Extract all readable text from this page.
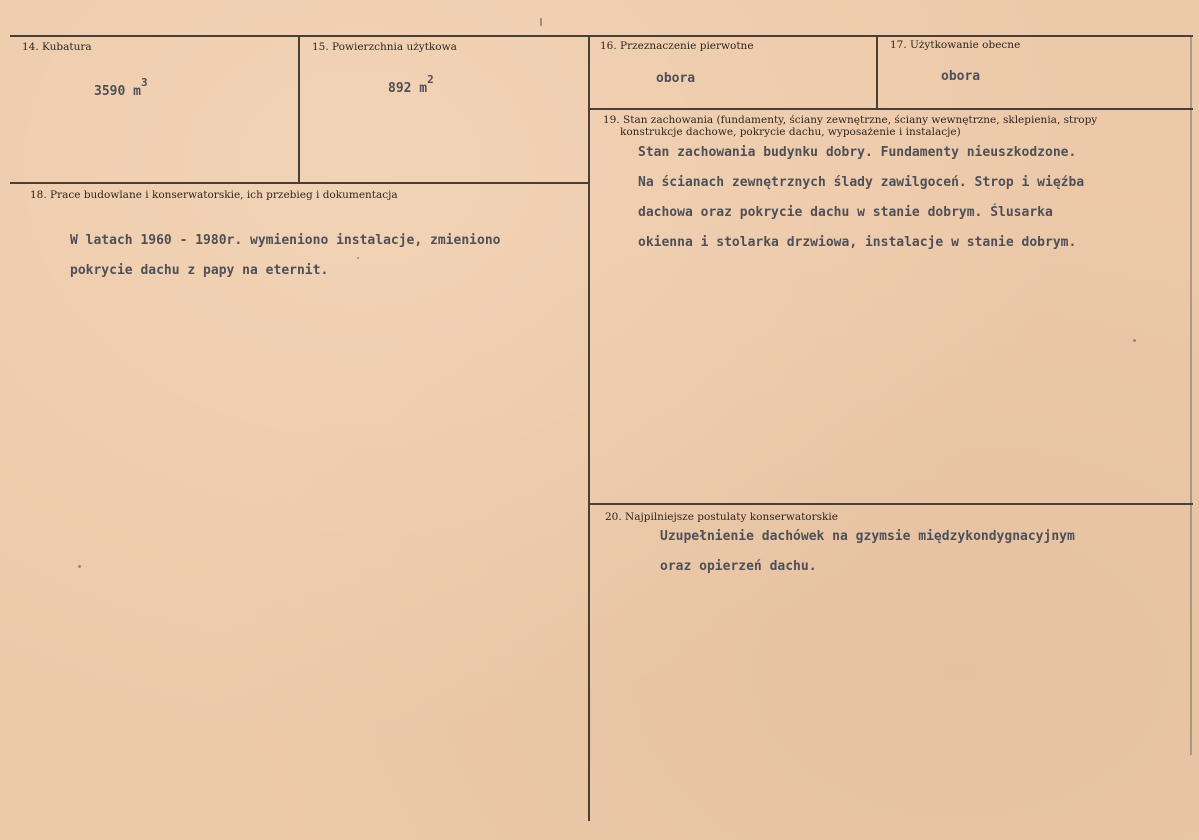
14. Kubatura
3590 $m^3$
15. Powierzchnia użytkowa
892 $m^2$
16. Przeznaczenie pierwotne
obora
17. Użytkowanie obecne
obora
18. Prace budowlane i konserwatorskie, ich przebieg i dokumentacja
W latach 1960 - 1980r. wymieniono instalacje, zmieniono
pokrycie dachu z papy na eternit.
19. Stan zachowania (fundamenty, ściany zewnętrzne, ściany wewnętrzne, sklepienia, stropy
konstrukcje dachowe, pokrycie dachu, wyposażenie i instalacje)
Stan zachowania budynku dobry. Fundamenty nieuszkodzone.
Na ścianach zewnętrznych ślady zawilgoceń. Strop i więźba
dachowa oraz pokrycie dachu w stanie dobrym. Ślusarka
okienna i stolarka drzwiowa, instalacje w stanie dobrym.
20. Najpilniejsze postulaty konserwatorskie
Uzupełnienie dachówek na gzymsie międzykondygnacyjnym
oraz opierzeń dachu.
